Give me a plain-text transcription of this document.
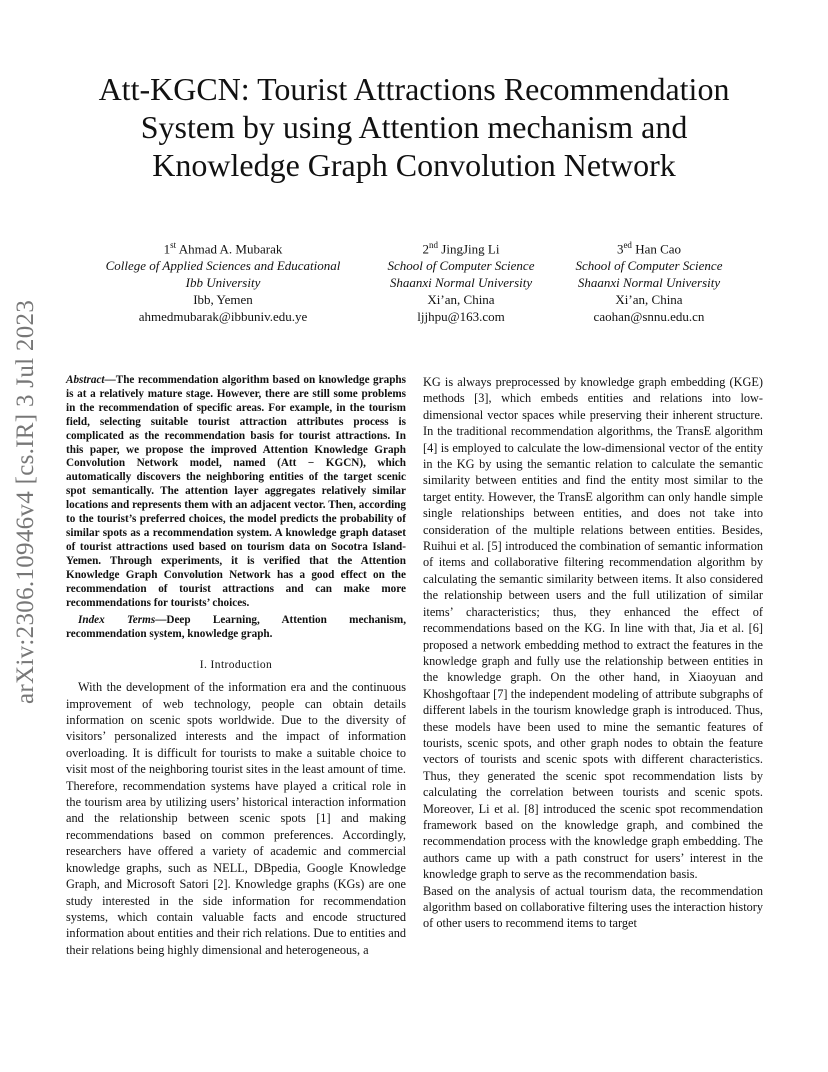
Att-KGCN: Tourist Attractions Recommendation
System by using Attention mechanism and
Knowledge Graph Convolution Network
1st Ahmad A. Mubarak
College of Applied Sciences and Educational
Ibb University
Ibb, Yemen
ahmedmubarak@ibbuniv.edu.ye
2nd JingJing Li
School of Computer Science
Shaanxi Normal University
Xi’an, China
ljjhpu@163.com
$3^{ed}$ Han Cao
School of Computer Science
Shaanxi Normal University
Xi’an, China
caohan@snnu.edu.cn
arXiv:2306.10946v4 [cs.IR] 3 Jul 2023 Abstract—The recommendation algorithm based on knowledge graphs is at a relatively mature stage. However, there are still some problems in the recommendation of specific areas. For example, in the tourism field, selecting suitable tourist attraction attributes process is complicated as the recommendation basis for tourist attractions. In this paper, we propose the improved Attention Knowledge Graph Convolution Network model, named (Att − KGCN), which automatically discovers the neighboring entities of the target scenic spot semantically. The attention layer aggregates relatively similar locations and represents them with an adjacent vector. Then, according to the tourist’s preferred choices, the model predicts the probability of similar spots as a recommendation system. A knowledge graph dataset of tourist attractions used based on tourism data on Socotra Island-Yemen. Through experiments, it is verified that the Attention Knowledge Graph Convolution Network has a good effect on the recommendation of tourist attractions and can make more recommendations for tourists’ choices.

Index Terms—Deep Learning, Attention mechanism, recommendation system, knowledge graph.

I. Introduction

With the development of the information era and the continuous improvement of web technology, people can obtain details information on scenic spots worldwide. Due to the diversity of visitors’ personalized interests and the impact of information overloading. It is difficult for tourists to make a suitable choice to visit most of the neighboring tourist sites in the least amount of time. Therefore, recommendation systems have played a critical role in the tourism area by utilizing users’ historical interaction information and the relationship between scenic spots [1] and making recommendations based on common preferences. Accordingly, researchers have offered a variety of academic and commercial knowledge graphs, such as NELL, DBpedia, Google Knowledge Graph, and Microsoft Satori [2]. Knowledge graphs (KGs) are one study interested in the side information for recommendation systems, which contain valuable facts and encode structured information about entities and their rich relations. Due to entities and their relations being highly dimensional and heterogeneous, a

KG is always preprocessed by knowledge graph embedding (KGE) methods [3], which embeds entities and relations into low-dimensional vector spaces while preserving their inherent structure. In the traditional recommendation algorithms, the TransE algorithm [4] is employed to calculate the low-dimensional vector of the entity in the KG by using the semantic relation to calculate the semantic similarity between entities and find the entity most similar to the target entity. However, the TransE algorithm can only handle simple single relationships between entities, and does not take into consideration of the multiple relations between entities. Besides, Ruihui et al. [5] introduced the combination of semantic information of items and collaborative filtering recommendation algorithm by calculating the semantic similarity between items. It also considered the relationship between users and the full utilization of similar items’ characteristics; thus, they enhanced the effect of recommendations based on the KG. In line with that, Jia et al. [6] proposed a network embedding method to extract the features in the knowledge graph and fully use the relationship between entities in the knowledge graph. On the other hand, in Xiaoyuan and Khoshgoftaar [7] the independent modeling of attribute subgraphs of different labels in the tourism knowledge graph is introduced. Thus, these models have been used to mine the semantic features of tourists, scenic spots, and other graph nodes to obtain the feature vectors of tourists and scenic spots with different characteristics. Thus, they generated the scenic spot recommendation lists by calculating the correlation between tourists and scenic spots. Moreover, Li et al. [8] introduced the scenic spot recommendation framework based on the knowledge graph, and combined the recommendation process with the knowledge graph embedding. The authors came up with a path construct for users’ interest in the knowledge graph to serve as the recommendation basis.

Based on the analysis of actual tourism data, the recommendation algorithm based on collaborative filtering uses the interaction history of other users to recommend items to target
